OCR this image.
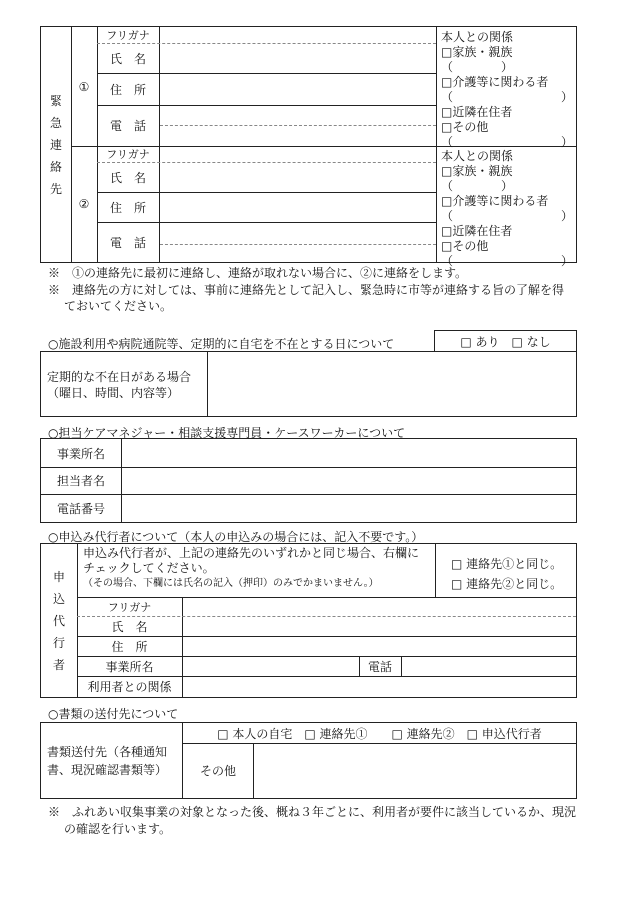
緊
急
連
絡
先
①
フリガナ
氏　名
住　所
電　話
本人との関係
□家族・親族（　　　　）
□介護等に関わる者
（　　　　　　　　　）
□近隣在住者
□その他
（　　　　　　　　　）
②
フリガナ
氏　名
住　所
電　話
本人との関係
□家族・親族（　　　　）
□介護等に関わる者
（　　　　　　　　　）
□近隣在住者
□その他
（　　　　　　　　　）
※　①の連絡先に最初に連絡し、連絡が取れない場合に、②に連絡をします。
※　連絡先の方に対しては、事前に連絡先として記入し、緊急時に市等が連絡する旨の了解を得
ておいてください。
○施設利用や病院通院等、定期的に自宅を不在とする日について	□ あり　□ なし
定期的な不在日がある場合
（曜日、時間、内容等）
○担当ケアマネジャー・相談支援専門員・ケースワーカーについて
事業所名
担当者名
電話番号
○申込み代行者について（本人の申込みの場合には、記入不要です。）
申
込
代
行
者
申込み代行者が、上記の連絡先のいずれかと同じ場合、右欄に
チェックしてください。
（その場合、下欄には氏名の記入（押印）のみでかまいません。）
□ 連絡先①と同じ。
□ 連絡先②と同じ。
フリガナ
氏　名
住　所
事業所名	電話
利用者との関係
○書類の送付先について
書類送付先（各種通知
書、現況確認書類等）
□ 本人の自宅　□ 連絡先①　　□ 連絡先②　□ 申込代行者
その他
※　ふれあい収集事業の対象となった後、概ね３年ごとに、利用者が要件に該当しているか、現況
の確認を行います。
